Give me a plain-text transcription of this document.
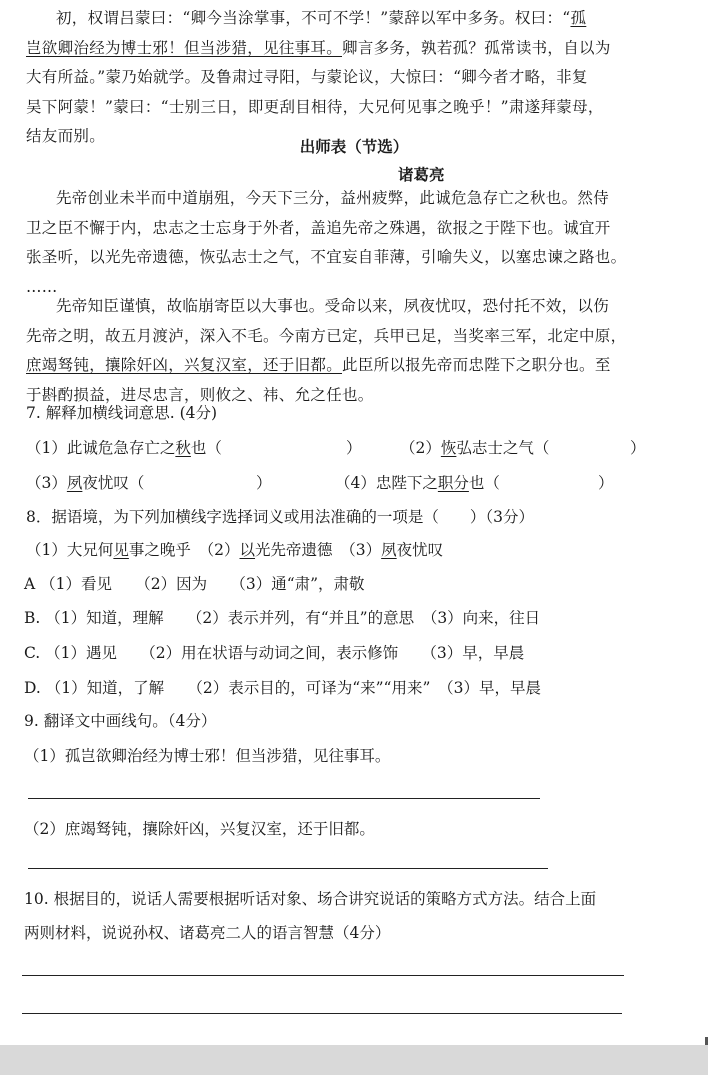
初，权谓吕蒙曰：“卿今当涂掌事，不可不学！”蒙辞以军中多务。权曰：“孤
岂欲卿治经为博士邪！但当涉猎，见往事耳。卿言多务，孰若孤？孤常读书，自以为
大有所益。”蒙乃始就学。及鲁肃过寻阳，与蒙论议，大惊曰：“卿今者才略，非复
吴下阿蒙！”蒙曰：“士别三日，即更刮目相待，大兄何见事之晚乎！”肃遂拜蒙母，
结友而别。
出师表（节选）
诸葛亮
先帝创业未半而中道崩殂，今天下三分，益州疲弊，此诚危急存亡之秋也。然侍
卫之臣不懈于内，忠志之士忘身于外者，盖追先帝之殊遇，欲报之于陛下也。诚宜开
张圣听，以光先帝遗德，恢弘志士之气，不宜妄自菲薄，引喻失义，以塞忠谏之路也。
……
先帝知臣谨慎，故临崩寄臣以大事也。受命以来，夙夜忧叹，恐付托不效，以伤
先帝之明，故五月渡泸，深入不毛。今南方已定，兵甲已足，当奖率三军，北定中原，
庶竭驽钝，攘除奸凶，兴复汉室，还于旧都。此臣所以报先帝而忠陛下之职分也。至
于斟酌损益，进尽忠言，则攸之、祎、允之任也。
7. 解释加横线词意思. (4分)
（1）此诚危急存亡之秋也（	） （2）恢弘志士之气（	）
（3）夙夜忧叹（	）	（4）忠陛下之职分也（	）
8．据语境，为下列加横线字选择词义或用法准确的一项是（　　）（3分）
（1）大兄何见事之晚乎　（2）以光先帝遗德　（3）夙夜忧叹
A （1）看见　　（2）因为　　（3）通“肃”，肃敬
B. （1）知道，理解　　（2）表示并列，有“并且”的意思　（3）向来，往日
C. （1）遇见　　（2）用在状语与动词之间，表示修饰　　（3）早，早晨
D. （1）知道，了解　　（2）表示目的，可译为“来”“用来”　（3）早，早晨
9. 翻译文中画线句。（4分）
（1）孤岂欲卿治经为博士邪！但当涉猎，见往事耳。
（2）庶竭驽钝，攘除奸凶，兴复汉室，还于旧都。
10. 根据目的，说话人需要根据听话对象、场合讲究说话的策略方式方法。结合上面
两则材料，说说孙权、诸葛亮二人的语言智慧（4分）
